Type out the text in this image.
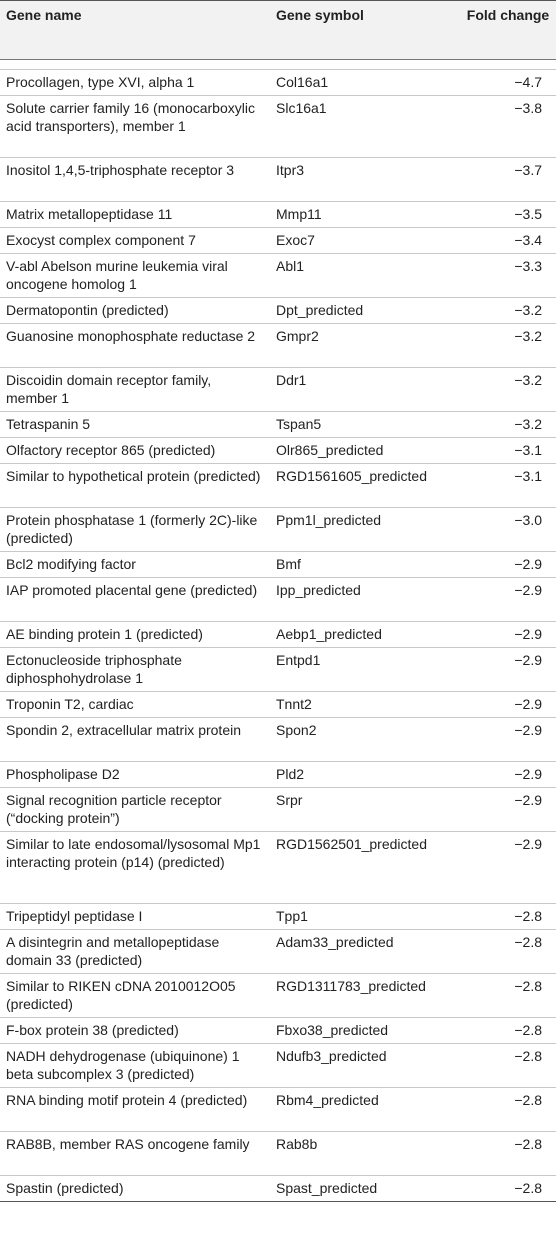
Gene name	Gene symbol	Fold change

Procollagen, type XVI, alpha 1	Col16a1	−4.7
Solute carrier family 16 (monocarboxylic acid transporters), member 1	Slc16a1	−3.8
Inositol 1,4,5-triphosphate receptor 3	Itpr3	−3.7
Matrix metallopeptidase 11	Mmp11	−3.5
Exocyst complex component 7	Exoc7	−3.4
V-abl Abelson murine leukemia viral oncogene homolog 1	Abl1	−3.3
Dermatopontin (predicted)	Dpt_predicted	−3.2
Guanosine monophosphate reductase 2	Gmpr2	−3.2
Discoidin domain receptor family, member 1	Ddr1	−3.2
Tetraspanin 5	Tspan5	−3.2
Olfactory receptor 865 (predicted)	Olr865_predicted	−3.1
Similar to hypothetical protein (predicted)	RGD1561605_predicted	−3.1
Protein phosphatase 1 (formerly 2C)-like (predicted)	Ppm1l_predicted	−3.0
Bcl2 modifying factor	Bmf	−2.9
IAP promoted placental gene (predicted)	Ipp_predicted	−2.9
AE binding protein 1 (predicted)	Aebp1_predicted	−2.9
Ectonucleoside triphosphate diphosphohydrolase 1	Entpd1	−2.9
Troponin T2, cardiac	Tnnt2	−2.9
Spondin 2, extracellular matrix protein	Spon2	−2.9
Phospholipase D2	Pld2	−2.9
Signal recognition particle receptor (“docking protein”)	Srpr	−2.9
Similar to late endosomal/lysosomal Mp1 interacting protein (p14) (predicted)	RGD1562501_predicted	−2.9
Tripeptidyl peptidase I	Tpp1	−2.8
A disintegrin and metallopeptidase domain 33 (predicted)	Adam33_predicted	−2.8
Similar to RIKEN cDNA 2010012O05 (predicted)	RGD1311783_predicted	−2.8
F-box protein 38 (predicted)	Fbxo38_predicted	−2.8
NADH dehydrogenase (ubiquinone) 1 beta subcomplex 3 (predicted)	Ndufb3_predicted	−2.8
RNA binding motif protein 4 (predicted)	Rbm4_predicted	−2.8
RAB8B, member RAS oncogene family	Rab8b	−2.8
Spastin (predicted)	Spast_predicted	−2.8
